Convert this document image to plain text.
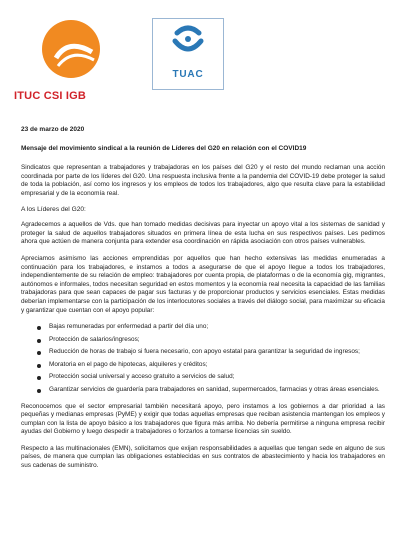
ITUC CSI IGB
TUAC
23 de marzo de 2020
Mensaje del movimiento sindical a la reunión de Líderes del G20 en relación con el COVID19

Sindicatos que representan a trabajadores y trabajadoras en los países del G20 y el resto del mundo reclaman una acción coordinada por parte de los líderes del G20. Una respuesta inclusiva frente a la pandemia del COVID-19 debe proteger la salud de toda la población, así como los ingresos y los empleos de todos los trabajadores, algo que resulta clave para la estabilidad empresarial y de la economía real.

A los Líderes del G20:

Agradecemos a aquellos de Vds. que han tomado medidas decisivas para inyectar un apoyo vital a los sistemas de sanidad y proteger la salud de aquellos trabajadores situados en primera línea de esta lucha en sus respectivos países. Les pedimos ahora que actúen de manera conjunta para extender esa coordinación en rápida asociación con otros países vulnerables.

Apreciamos asimismo las acciones emprendidas por aquellos que han hecho extensivas las medidas enumeradas a continuación para los trabajadores, e instamos a todos a asegurarse de que el apoyo llegue a todos los trabajadores, independientemente de su relación de empleo: trabajadores por cuenta propia, de plataformas o de la economía gig, migrantes, autónomos e informales, todos necesitan seguridad en estos momentos y la economía real necesita la capacidad de las familias trabajadoras para que sean capaces de pagar sus facturas y de proporcionar productos y servicios esenciales. Estas medidas deberían implementarse con la participación de los interlocutores sociales a través del diálogo social, para maximizar su eficacia y garantizar que cuentan con el apoyo popular:

Bajas remuneradas por enfermedad a partir del día uno;
Protección de salarios/ingresos;
Reducción de horas de trabajo si fuera necesario, con apoyo estatal para garantizar la seguridad de ingresos;
Moratoria en el pago de hipotecas, alquileres y créditos;
Protección social universal y acceso gratuito a servicios de salud;
Garantizar servicios de guardería para trabajadores en sanidad, supermercados, farmacias y otras áreas esenciales.

Reconocemos que el sector empresarial también necesitará apoyo, pero instamos a los gobiernos a dar prioridad a las pequeñas y medianas empresas (PyME) y exigir que todas aquellas empresas que reciban asistencia mantengan los empleos y cumplan con la lista de apoyo básico a los trabajadores que figura más arriba. No debería permitirse a ninguna empresa recibir ayudas del Gobierno y luego despedir a trabajadores o forzarlos a tomarse licencias sin sueldo.

Respecto a las multinacionales (EMN), solicitamos que exijan responsabilidades a aquellas que tengan sede en alguno de sus países, de manera que cumplan las obligaciones establecidas en sus contratos de abastecimiento y hacia los trabajadores en sus cadenas de suministro.
